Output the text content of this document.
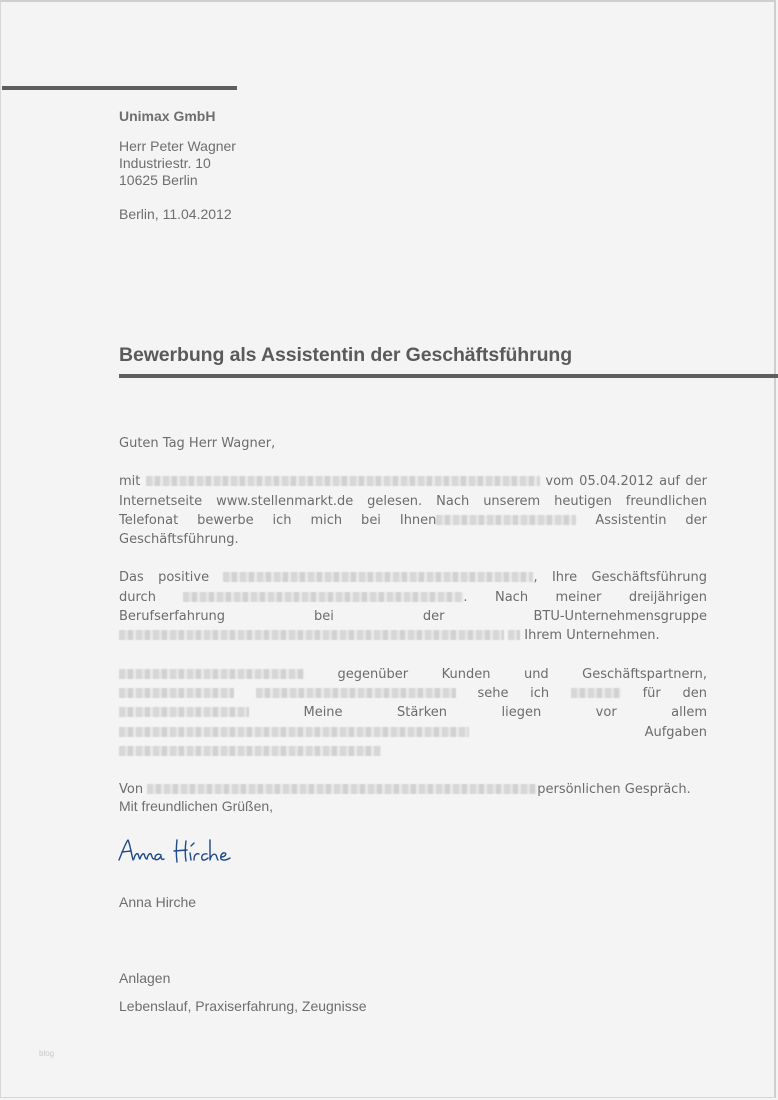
Unimax GmbH
Herr Peter Wagner
Industriestr. 10
10625 Berlin
Berlin, 11.04.2012
Bewerbung als Assistentin der Geschäftsführung
Guten Tag Herr Wagner,

mit	vom 05.04.2012 auf der Internetseite www.stellenmarkt.de gelesen. Nach unserem heutigen freundlichen Telefonat bewerbe ich mich bei Ihnen	Assistentin der Geschäftsführung.

Das positive	, Ihre Geschäftsführung durch	. Nach meiner dreijährigen Berufserfahrung bei	der BTU-Unternehmensgruppe   Ihrem Unternehmen.

gegenüber Kunden und Geschäftspartnern,   sehe ich	für den  Meine	Stärken liegen vor allem  Aufgaben

Von	persönlichen Gespräch.

Mit freundlichen Grüßen,
Anna Hirche
Anlagen
Lebenslauf, Praxiserfahrung, Zeugnisse
blog
